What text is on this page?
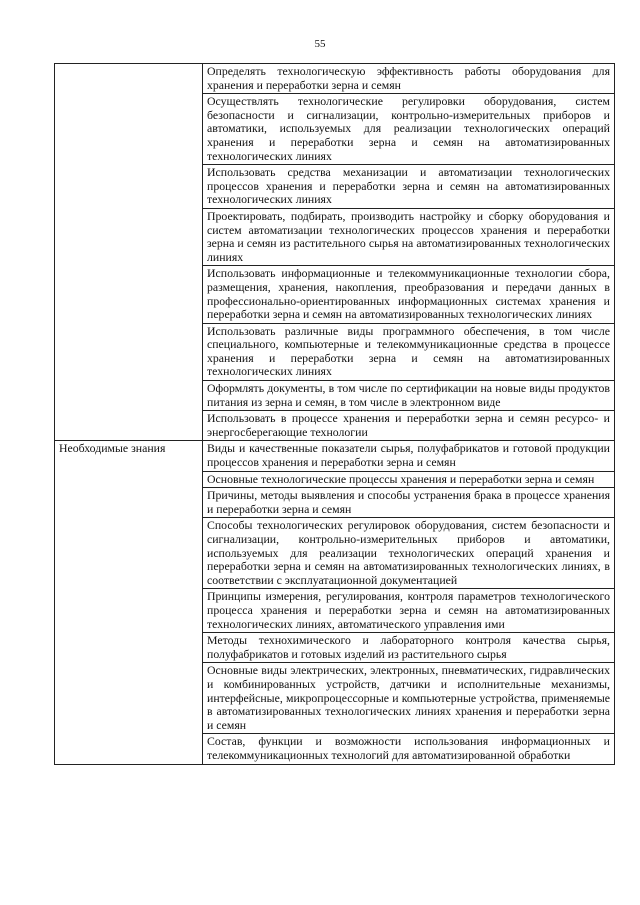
55
	Определять технологическую эффективность работы оборудования для хранения и переработки зерна и семян
	Осуществлять технологические регулировки оборудования, систем безопасности и сигнализации, контрольно-измерительных приборов и автоматики, используемых для реализации технологических операций хранения и переработки зерна и семян на автоматизированных технологических линиях
	Использовать средства механизации и автоматизации технологических процессов хранения и переработки зерна и семян на автоматизированных технологических линиях
	Проектировать, подбирать, производить настройку и сборку оборудования и систем автоматизации технологических процессов хранения и переработки зерна и семян из растительного сырья на автоматизированных технологических линиях
	Использовать информационные и телекоммуникационные технологии сбора, размещения, хранения, накопления, преобразования и передачи данных в профессионально-ориентированных информационных системах хранения и переработки зерна и семян на автоматизированных технологических линиях
	Использовать различные виды программного обеспечения, в том числе специального, компьютерные и телекоммуникационные средства в процессе хранения и переработки зерна и семян на автоматизированных технологических линиях
	Оформлять документы, в том числе по сертификации на новые виды продуктов питания из зерна и семян, в том числе в электронном виде
	Использовать в процессе хранения и переработки зерна и семян ресурсо- и энергосберегающие технологии
Необходимые знания	Виды и качественные показатели сырья, полуфабрикатов и готовой продукции процессов хранения и переработки зерна и семян
	Основные технологические процессы хранения и переработки зерна и семян
	Причины, методы выявления и способы устранения брака в процессе хранения и переработки зерна и семян
	Способы технологических регулировок оборудования, систем безопасности и сигнализации, контрольно-измерительных приборов и автоматики, используемых для реализации технологических операций хранения и переработки зерна и семян на автоматизированных технологических линиях, в соответствии с эксплуатационной документацией
	Принципы измерения, регулирования, контроля параметров технологического процесса хранения и переработки зерна и семян на автоматизированных технологических линиях, автоматического управления ими
	Методы технохимического и лабораторного контроля качества сырья, полуфабрикатов и готовых изделий из растительного сырья
	Основные виды электрических, электронных, пневматических, гидравлических и комбинированных устройств, датчики и исполнительные механизмы, интерфейсные, микропроцессорные и компьютерные устройства, применяемые в автоматизированных технологических линиях хранения и переработки зерна и семян
	Состав, функции и возможности использования информационных и телекоммуникационных технологий для автоматизированной обработки
